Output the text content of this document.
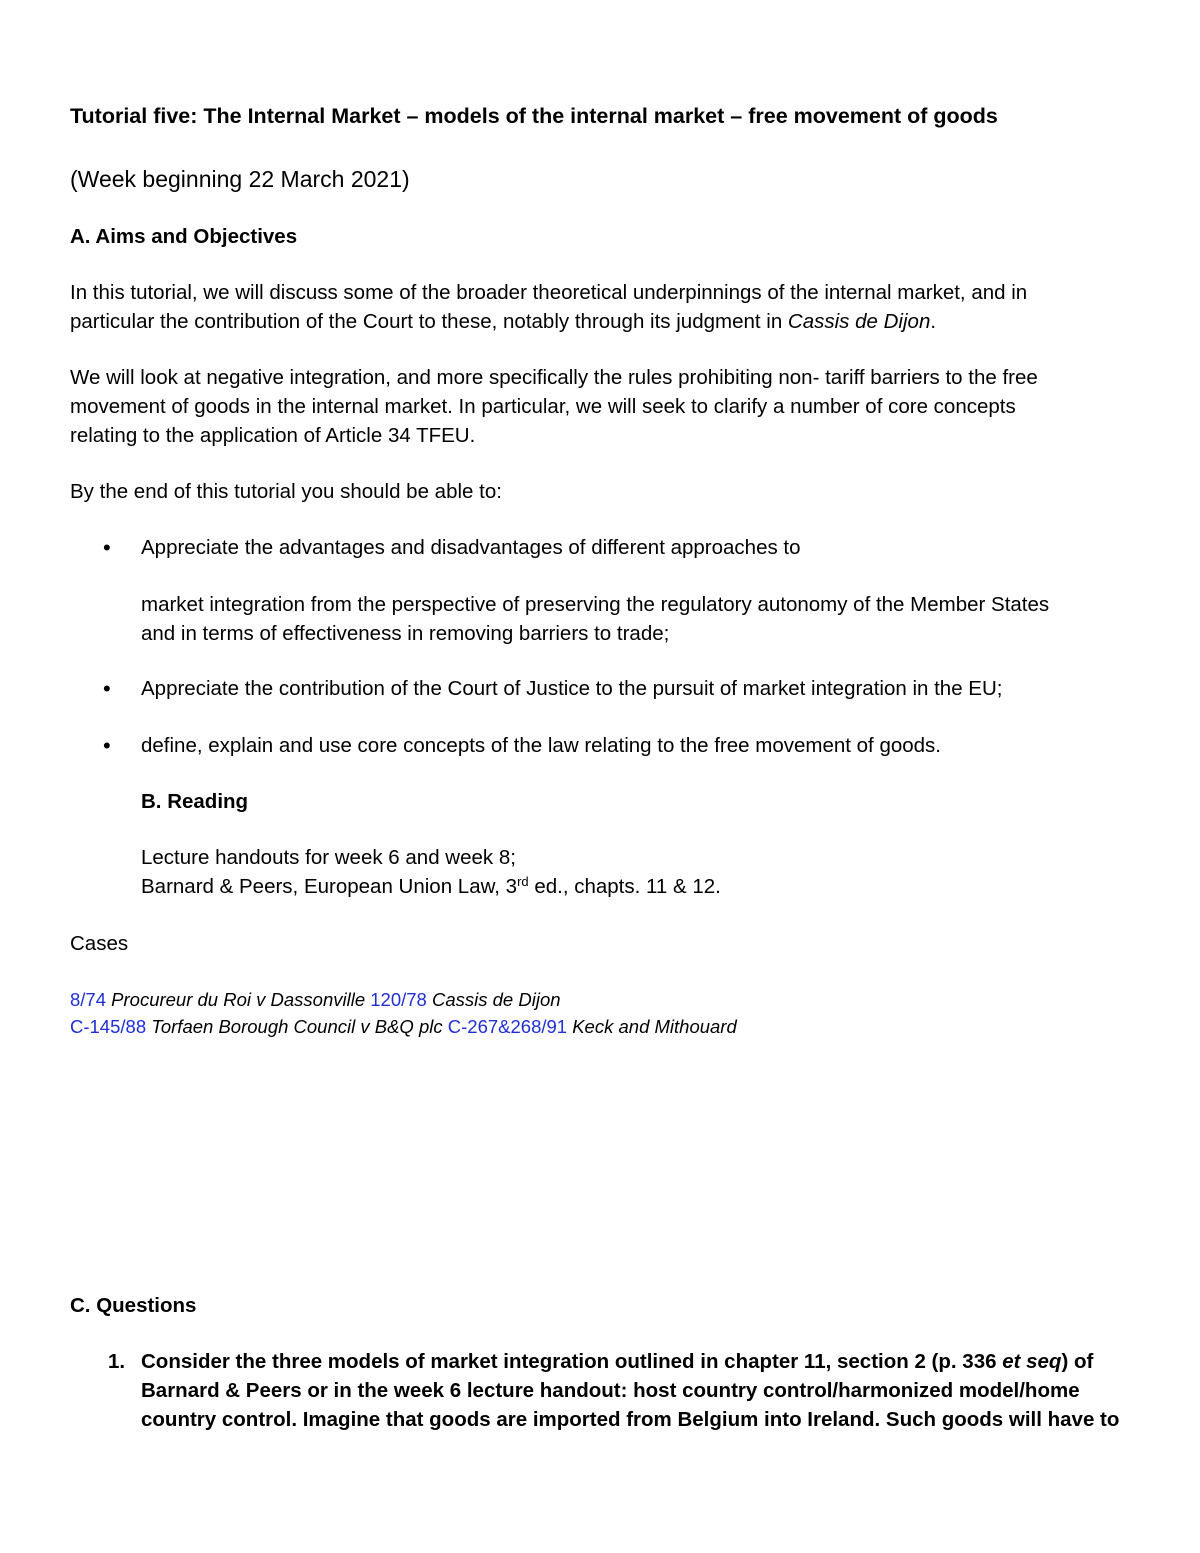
Tutorial five: The Internal Market – models of the internal market – free movement of goods

(Week beginning 22 March 2021)

A. Aims and Objectives

In this tutorial, we will discuss some of the broader theoretical underpinnings of the internal market, and in
particular the contribution of the Court to these, notably through its judgment in Cassis de Dijon.
We will look at negative integration, and more specifically the rules prohibiting non- tariff barriers to the free
movement of goods in the internal market. In particular, we will seek to clarify a number of core concepts
relating to the application of Article 34 TFEU.

By the end of this tutorial you should be able to:

•	Appreciate the advantages and disadvantages of different approaches to

market integration from the perspective of preserving the regulatory autonomy of the Member States
and in terms of effectiveness in removing barriers to trade;
•	Appreciate the contribution of the Court of Justice to the pursuit of market integration in the EU;

•	define, explain and use core concepts of the law relating to the free movement of goods.

B. Reading

Lecture handouts for week 6 and week 8;
Barnard & Peers, European Union Law, 3rd ed., chapts. 11 & 12.

Cases

8/74 Procureur du Roi v Dassonville 120/78 Cassis de Dijon
C-145/88 Torfaen Borough Council v B&Q plc C-267&268/91 Keck and Mithouard

C. Questions

1. Consider the three models of market integration outlined in chapter 11, section 2 (p. 336 et seq) of
Barnard & Peers or in the week 6 lecture handout: host country control/harmonized model/home
country control. Imagine that goods are imported from Belgium into Ireland. Such goods will have to
